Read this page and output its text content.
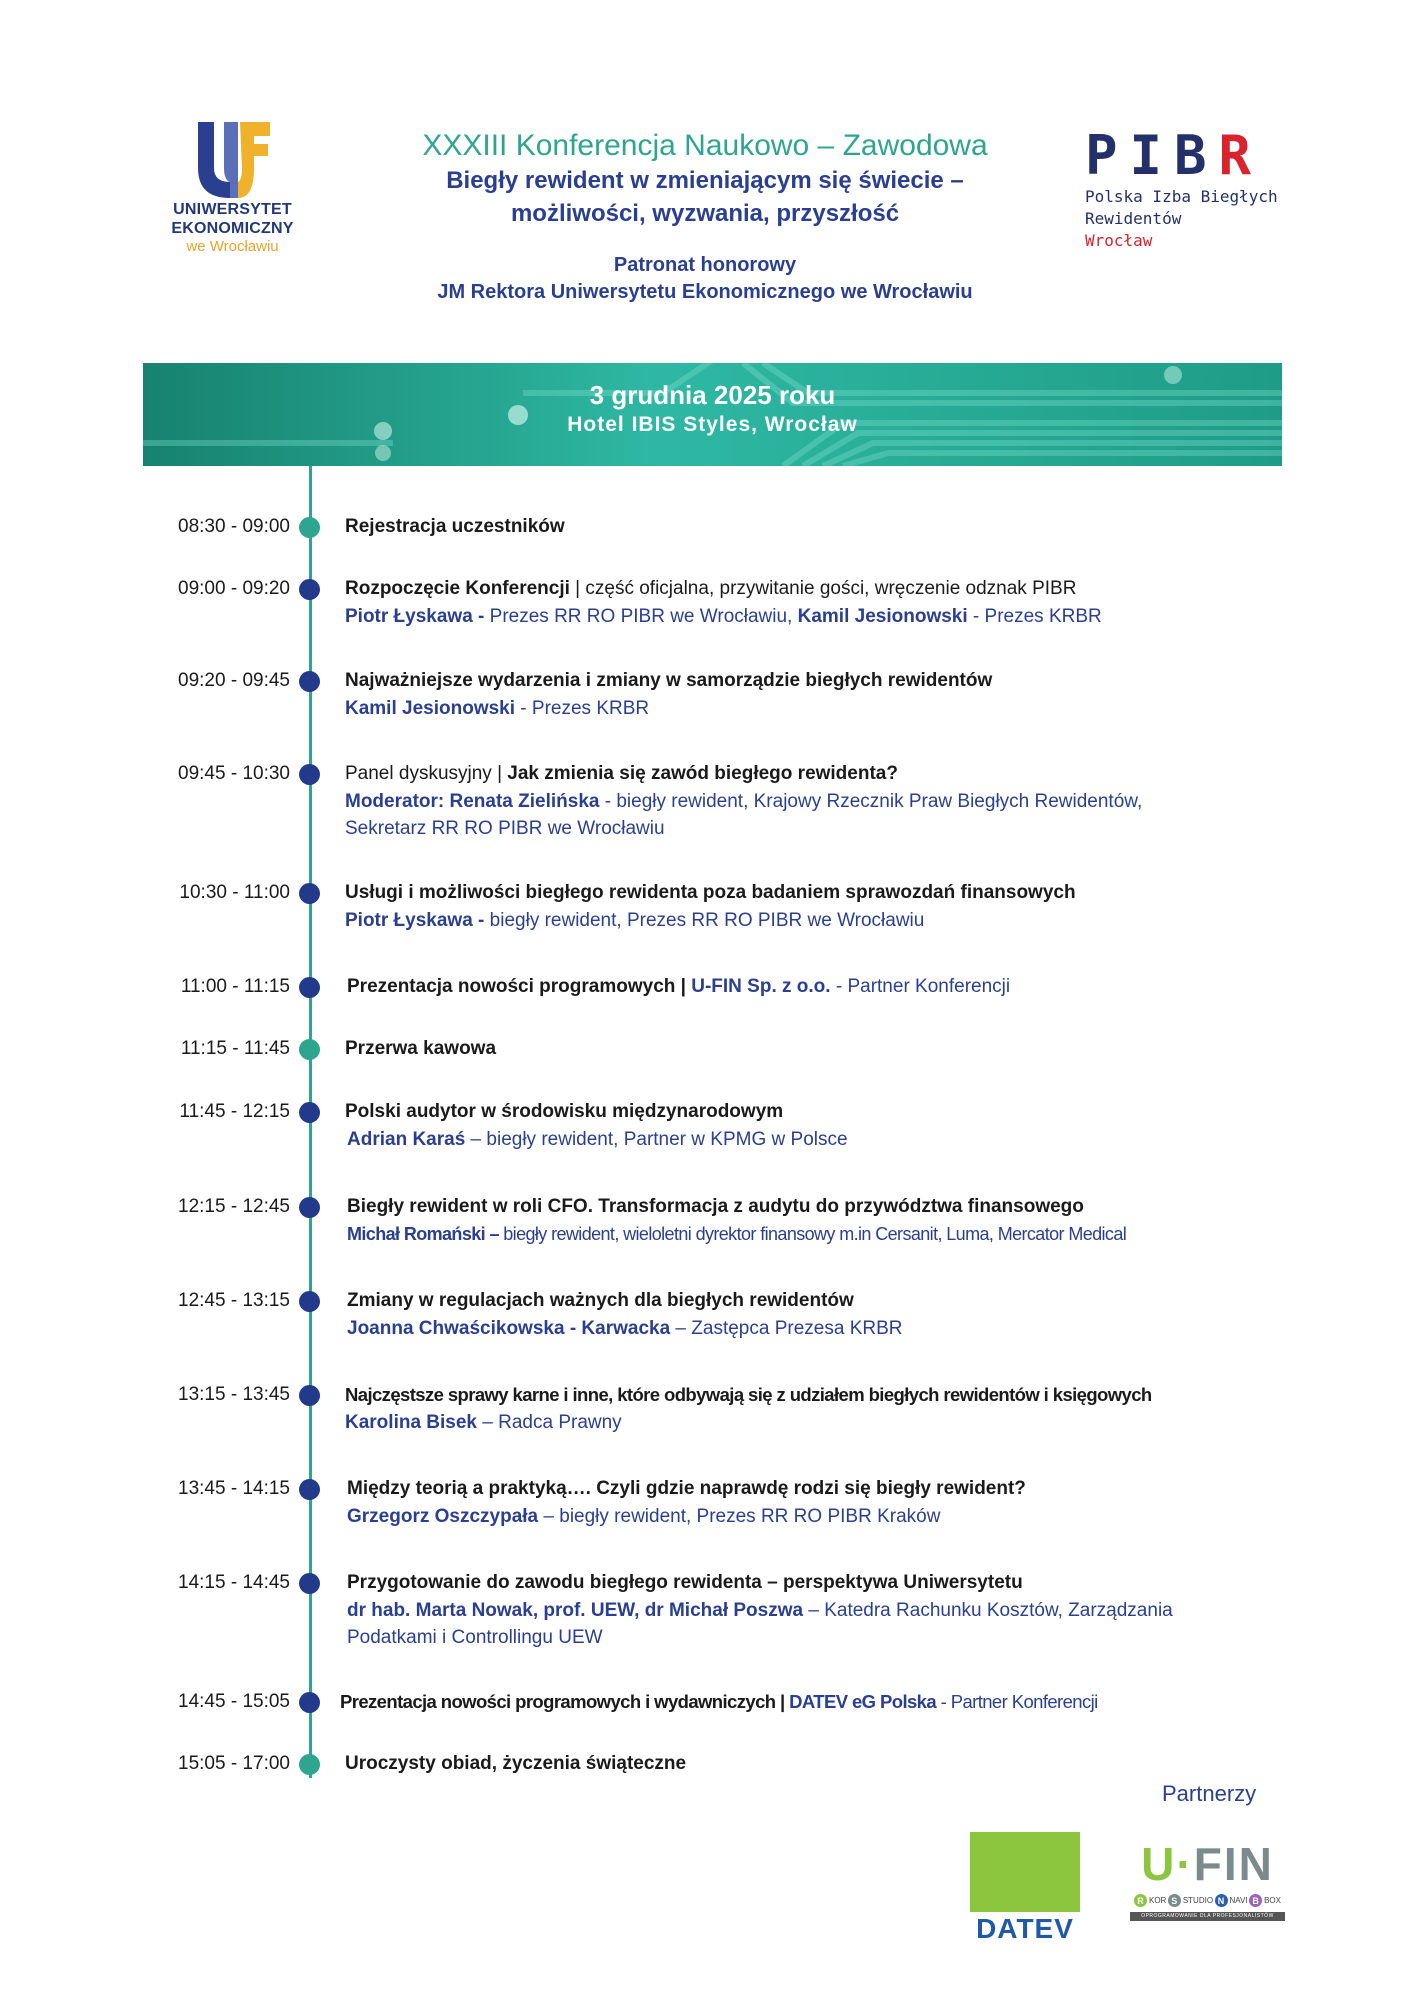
UNIWERSYTET
EKONOMICZNY
we Wrocławiu
XXXIII Konferencja Naukowo – Zawodowa
Biegły rewident w zmieniającym się świecie –
możliwości, wyzwania, przyszłość
Patronat honorowy
JM Rektora Uniwersytetu Ekonomicznego we Wrocławiu
PIBR
Polska Izba Biegłych
Rewidentów
Wrocław
3 grudnia 2025 roku
Hotel IBIS Styles, Wrocław
08:30 - 09:00	Rejestracja uczestników
09:00 - 09:20	Rozpoczęcie Konferencji | część oficjalna, przywitanie gości, wręczenie odznak PIBR
Piotr Łyskawa - Prezes RR RO PIBR we Wrocławiu, Kamil Jesionowski - Prezes KRBR
09:20 - 09:45	Najważniejsze wydarzenia i zmiany w samorządzie biegłych rewidentów
Kamil Jesionowski - Prezes KRBR
09:45 - 10:30	Panel dyskusyjny | Jak zmienia się zawód biegłego rewidenta?
Moderator: Renata Zielińska - biegły rewident, Krajowy Rzecznik Praw Biegłych Rewidentów,
Sekretarz RR RO PIBR we Wrocławiu
10:30 - 11:00	Usługi i możliwości biegłego rewidenta poza badaniem sprawozdań finansowych
Piotr Łyskawa - biegły rewident, Prezes RR RO PIBR we Wrocławiu
11:00 - 11:15	Prezentacja nowości programowych | U-FIN Sp. z o.o. - Partner Konferencji
11:15 - 11:45	Przerwa kawowa
11:45 - 12:15	Polski audytor w środowisku międzynarodowym
Adrian Karaś – biegły rewident, Partner w KPMG w Polsce
12:15 - 12:45	Biegły rewident w roli CFO. Transformacja z audytu do przywództwa finansowego
Michał Romański – biegły rewident, wieloletni dyrektor finansowy m.in Cersanit, Luma, Mercator Medical
12:45 - 13:15	Zmiany w regulacjach ważnych dla biegłych rewidentów
Joanna Chwaścikowska - Karwacka – Zastępca Prezesa KRBR
13:15 - 13:45	Najczęstsze sprawy karne i inne, które odbywają się z udziałem biegłych rewidentów i księgowych
Karolina Bisek – Radca Prawny
13:45 - 14:15	Między teorią a praktyką…. Czyli gdzie naprawdę rodzi się biegły rewident?
Grzegorz Oszczypała – biegły rewident, Prezes RR RO PIBR Kraków
14:15 - 14:45	Przygotowanie do zawodu biegłego rewidenta – perspektywa Uniwersytetu
dr hab. Marta Nowak, prof. UEW, dr Michał Poszwa – Katedra Rachunku Kosztów, Zarządzania
Podatkami i Controllingu UEW
14:45 - 15:05	Prezentacja nowości programowych i wydawniczych | DATEV eG Polska - Partner Konferencji
15:05 - 17:00	Uroczysty obiad, życzenia świąteczne
Partnerzy
DATEV
U·FIN
R KOR S STUDIO N NAVI B BOX
OPROGRAMOWANIE DLA PROFESJONALISTÓW
